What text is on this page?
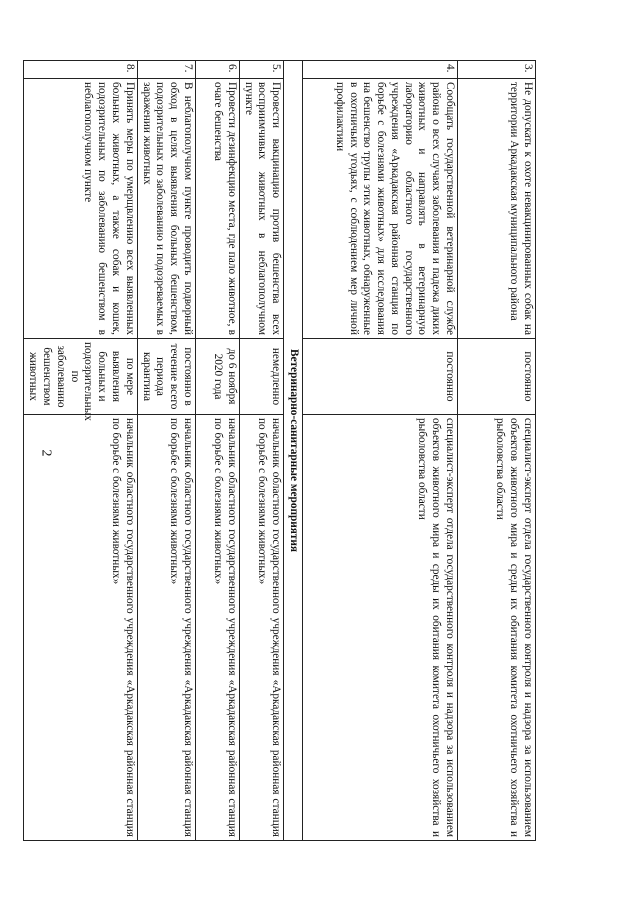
2
3.	Не допускать к охоте невакцинированных собак на территории Аркадакская муниципального района	постоянно	специалист-эксперт отдела государственного контроля и надзора за использованием объектов животного мира и среды их обитания комитета охотничьего хозяйства и рыболовства области
4.	Сообщать государственной ветеринарной службе района о всех случаях заболевания и падежа диких животных и направлять в ветеринарную лабораторию областного государственного учреждения «Аркадакская районная станция по борьбе с болезнями животных» для исследования на бешенство трупы этих животных, обнаруженные в охотничьих угодьях, с соблюдением мер личной профилактики	постоянно	специалист-эксперт отдела государственного контроля и надзора за использованием объектов животного мира и среды их обитания комитета охотничьего хозяйства и рыболовства области
Ветеринарно-санитарные мероприятия			
5.	Провести вакцинацию против бешенства всех восприимчивых животных в неблагополучном пункте	немедленно	начальник областного государственного учреждения «Аркадакская районная станция по борьбе с болезнями животных»
6.	Провести дезинфекцию места, где пало животное, в очаге бешенства	до 6 ноября 2020 года	начальник областного государственного учреждения «Аркадакская районная станция по борьбе с болезнями животных»
7.	В неблагополучном пункте проводить подворный обход в целях выявления больных бешенством, подозрительных по заболеванию и подозреваемых в заражении животных	постоянно в течение всего периода карантина	начальник областного государственного учреждения «Аркадакская районная станция по борьбе с болезнями животных»
8.	Принять меры по умерщвлению всех выявленных больных животных, а также собак и кошек, подозрительных по заболеванию бешенством в неблагополучном пункте	по мере выявления больных и подозрительных по заболеванию бешенством животных	начальник областного государственного учреждения «Аркадакская районная станция по борьбе с болезнями животных»
